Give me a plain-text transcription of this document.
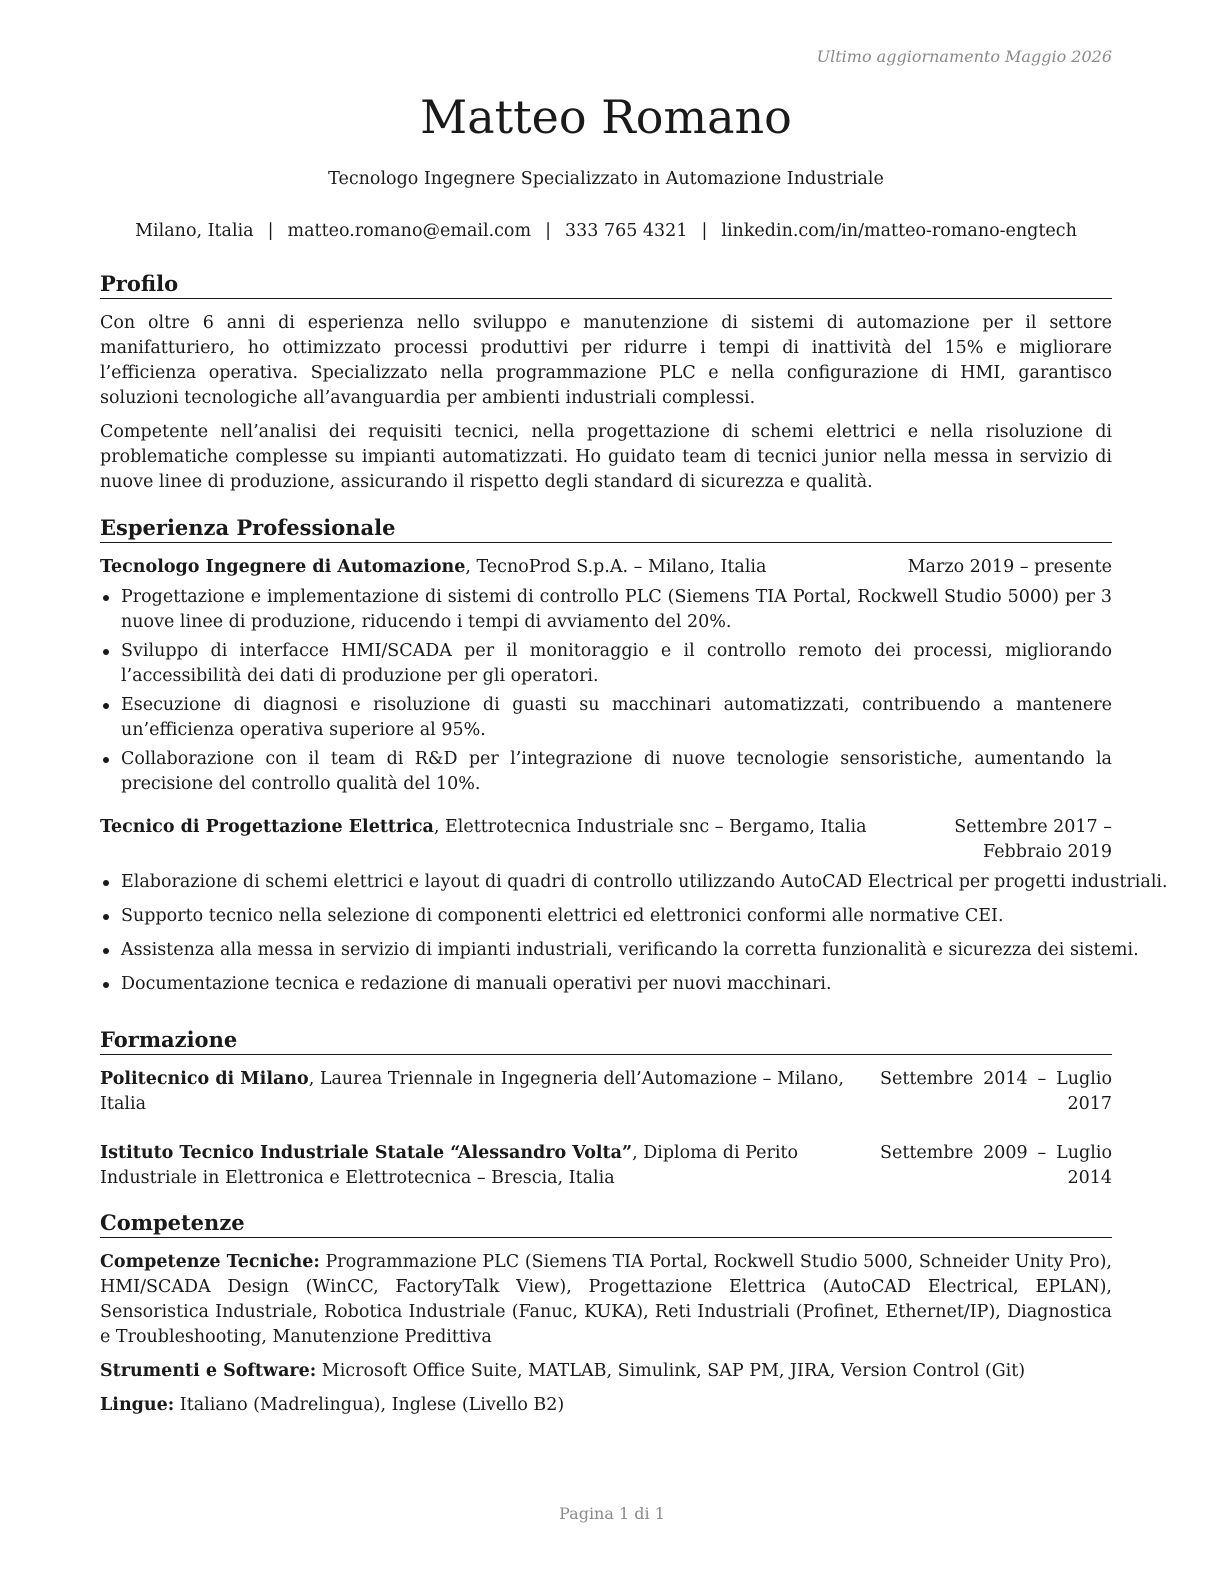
Ultimo aggiornamento Maggio 2026
Matteo Romano
Tecnologo Ingegnere Specializzato in Automazione Industriale
Milano, Italia | matteo.romano@email.com | 333 765 4321 | linkedin.com/in/matteo-romano-engtech
Profilo

Con oltre 6 anni di esperienza nello sviluppo e manutenzione di sistemi di automazione per il settore manifatturiero, ho ottimizzato processi produttivi per ridurre i tempi di inattività del 15% e migliorare l’efficienza operativa. Specializzato nella programmazione PLC e nella configurazione di HMI, garantisco soluzioni tecnologiche all’avanguardia per ambienti industriali complessi.

Competente nell’analisi dei requisiti tecnici, nella progettazione di schemi elettrici e nella risoluzione di problematiche complesse su impianti automatizzati. Ho guidato team di tecnici junior nella messa in servizio di nuove linee di produzione, assicurando il rispetto degli standard di sicurezza e qualità.

Esperienza Professionale
Tecnologo Ingegnere di Automazione, TecnoProd S.p.A. – Milano, Italia	Marzo 2019 – presente
Progettazione e implementazione di sistemi di controllo PLC (Siemens TIA Portal, Rockwell Studio 5000) per 3 nuove linee di produzione, riducendo i tempi di avviamento del 20%.
Sviluppo di interfacce HMI/SCADA per il monitoraggio e il controllo remoto dei processi, migliorando l’accessibilità dei dati di produzione per gli operatori.
Esecuzione di diagnosi e risoluzione di guasti su macchinari automatizzati, contribuendo a mantenere un’efficienza operativa superiore al 95%.
Collaborazione con il team di R&D per l’integrazione di nuove tecnologie sensoristiche, aumentando la precisione del controllo qualità del 10%.
Tecnico di Progettazione Elettrica, Elettrotecnica Industriale snc – Bergamo, Italia	Settembre 2017 – Febbraio 2019
Elaborazione di schemi elettrici e layout di quadri di controllo utilizzando AutoCAD Electrical per progetti industriali.
Supporto tecnico nella selezione di componenti elettrici ed elettronici conformi alle normative CEI.
Assistenza alla messa in servizio di impianti industriali, verificando la corretta funzionalità e sicurezza dei sistemi.
Documentazione tecnica e redazione di manuali operativi per nuovi macchinari.
Formazione
Politecnico di Milano, Laurea Triennale in Ingegneria dell’Automazione – Milano, Italia
Settembre 2014 – Luglio 2017
Istituto Tecnico Industriale Statale “Alessandro Volta”, Diploma di Perito Industriale in Elettronica e Elettrotecnica – Brescia, Italia
Settembre 2009 – Luglio 2014
Competenze

Competenze Tecniche: Programmazione PLC (Siemens TIA Portal, Rockwell Studio 5000, Schneider Unity Pro), HMI/SCADA Design (WinCC, FactoryTalk View), Progettazione Elettrica (AutoCAD Electrical, EPLAN), Sensoristica Industriale, Robotica Industriale (Fanuc, KUKA), Reti Industriali (Profinet, Ethernet/IP), Diagnostica e Troubleshooting, Manutenzione Predittiva

Strumenti e Software: Microsoft Office Suite, MATLAB, Simulink, SAP PM, JIRA, Version Control (Git)

Lingue: Italiano (Madrelingua), Inglese (Livello B2)

Pagina 1 di 1
